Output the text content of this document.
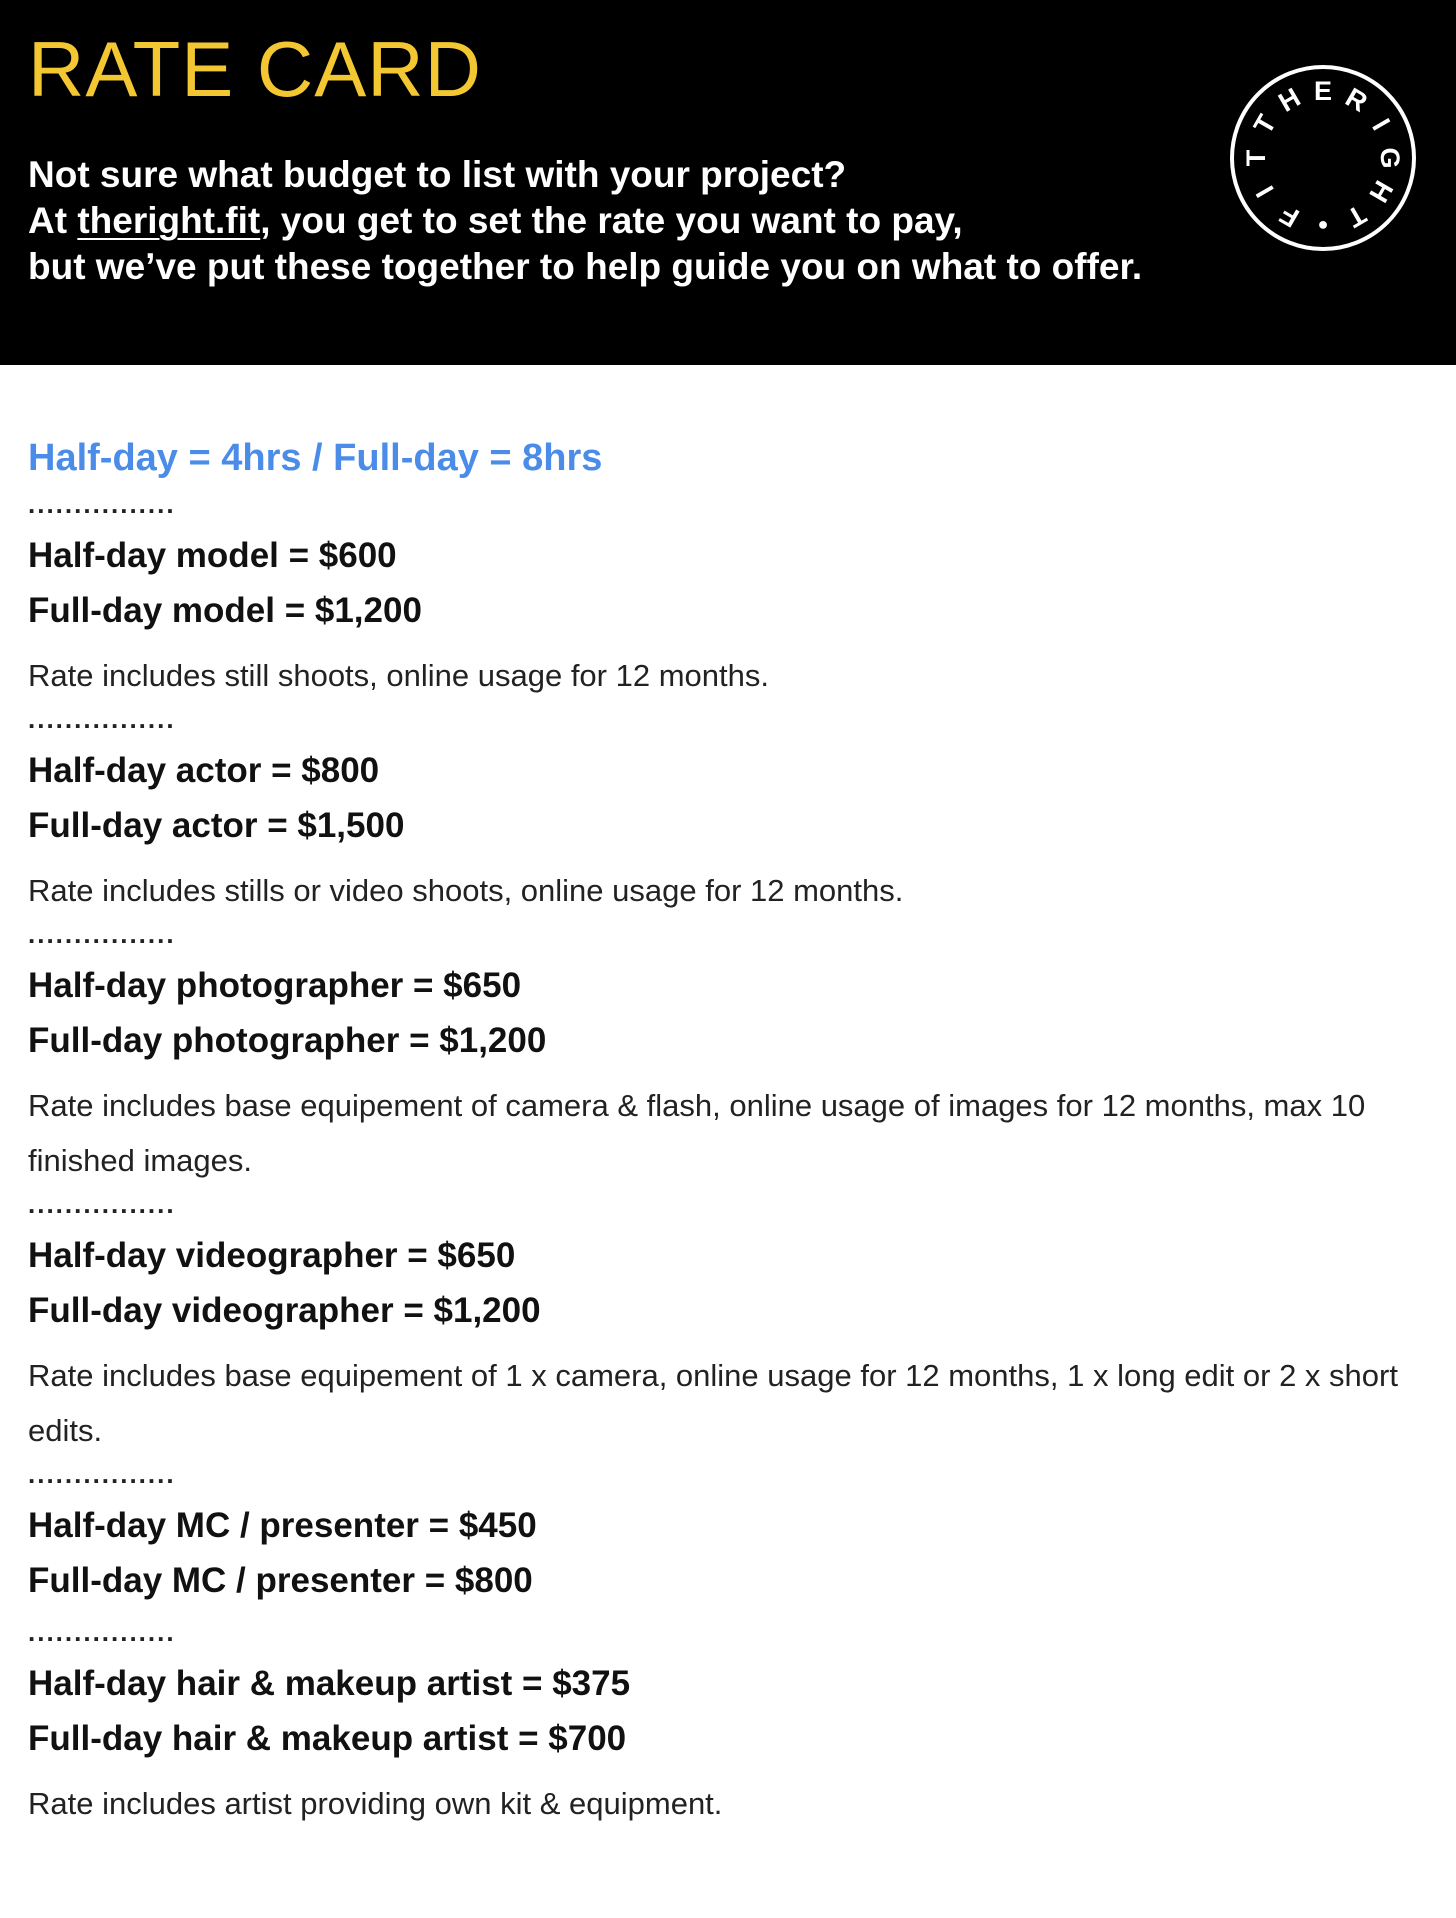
RATE CARD

Not sure what budget to list with your project?
At theright.fit, you get to set the rate you want to pay,
but we’ve put these together to help guide you on what to offer.

T
H E R
I
G
H
T
•
F
I
T
Half-day = 4hrs / Full-day = 8hrs
................

Half-day model = $600

Full-day model = $1,200

Rate includes still shoots, online usage for 12 months.

................

Half-day actor = $800

Full-day actor = $1,500

Rate includes stills or video shoots, online usage for 12 months.

................

Half-day photographer = $650

Full-day photographer = $1,200

Rate includes base equipement of camera & flash, online usage of images for 12 months, max 10 finished images.

................

Half-day videographer = $650

Full-day videographer = $1,200

Rate includes base equipement of 1 x camera, online usage for 12 months, 1 x long edit or 2 x short edits.

................

Half-day MC / presenter = $450

Full-day MC / presenter = $800

................

Half-day hair & makeup artist = $375

Full-day hair & makeup artist = $700

Rate includes artist providing own kit & equipment.
